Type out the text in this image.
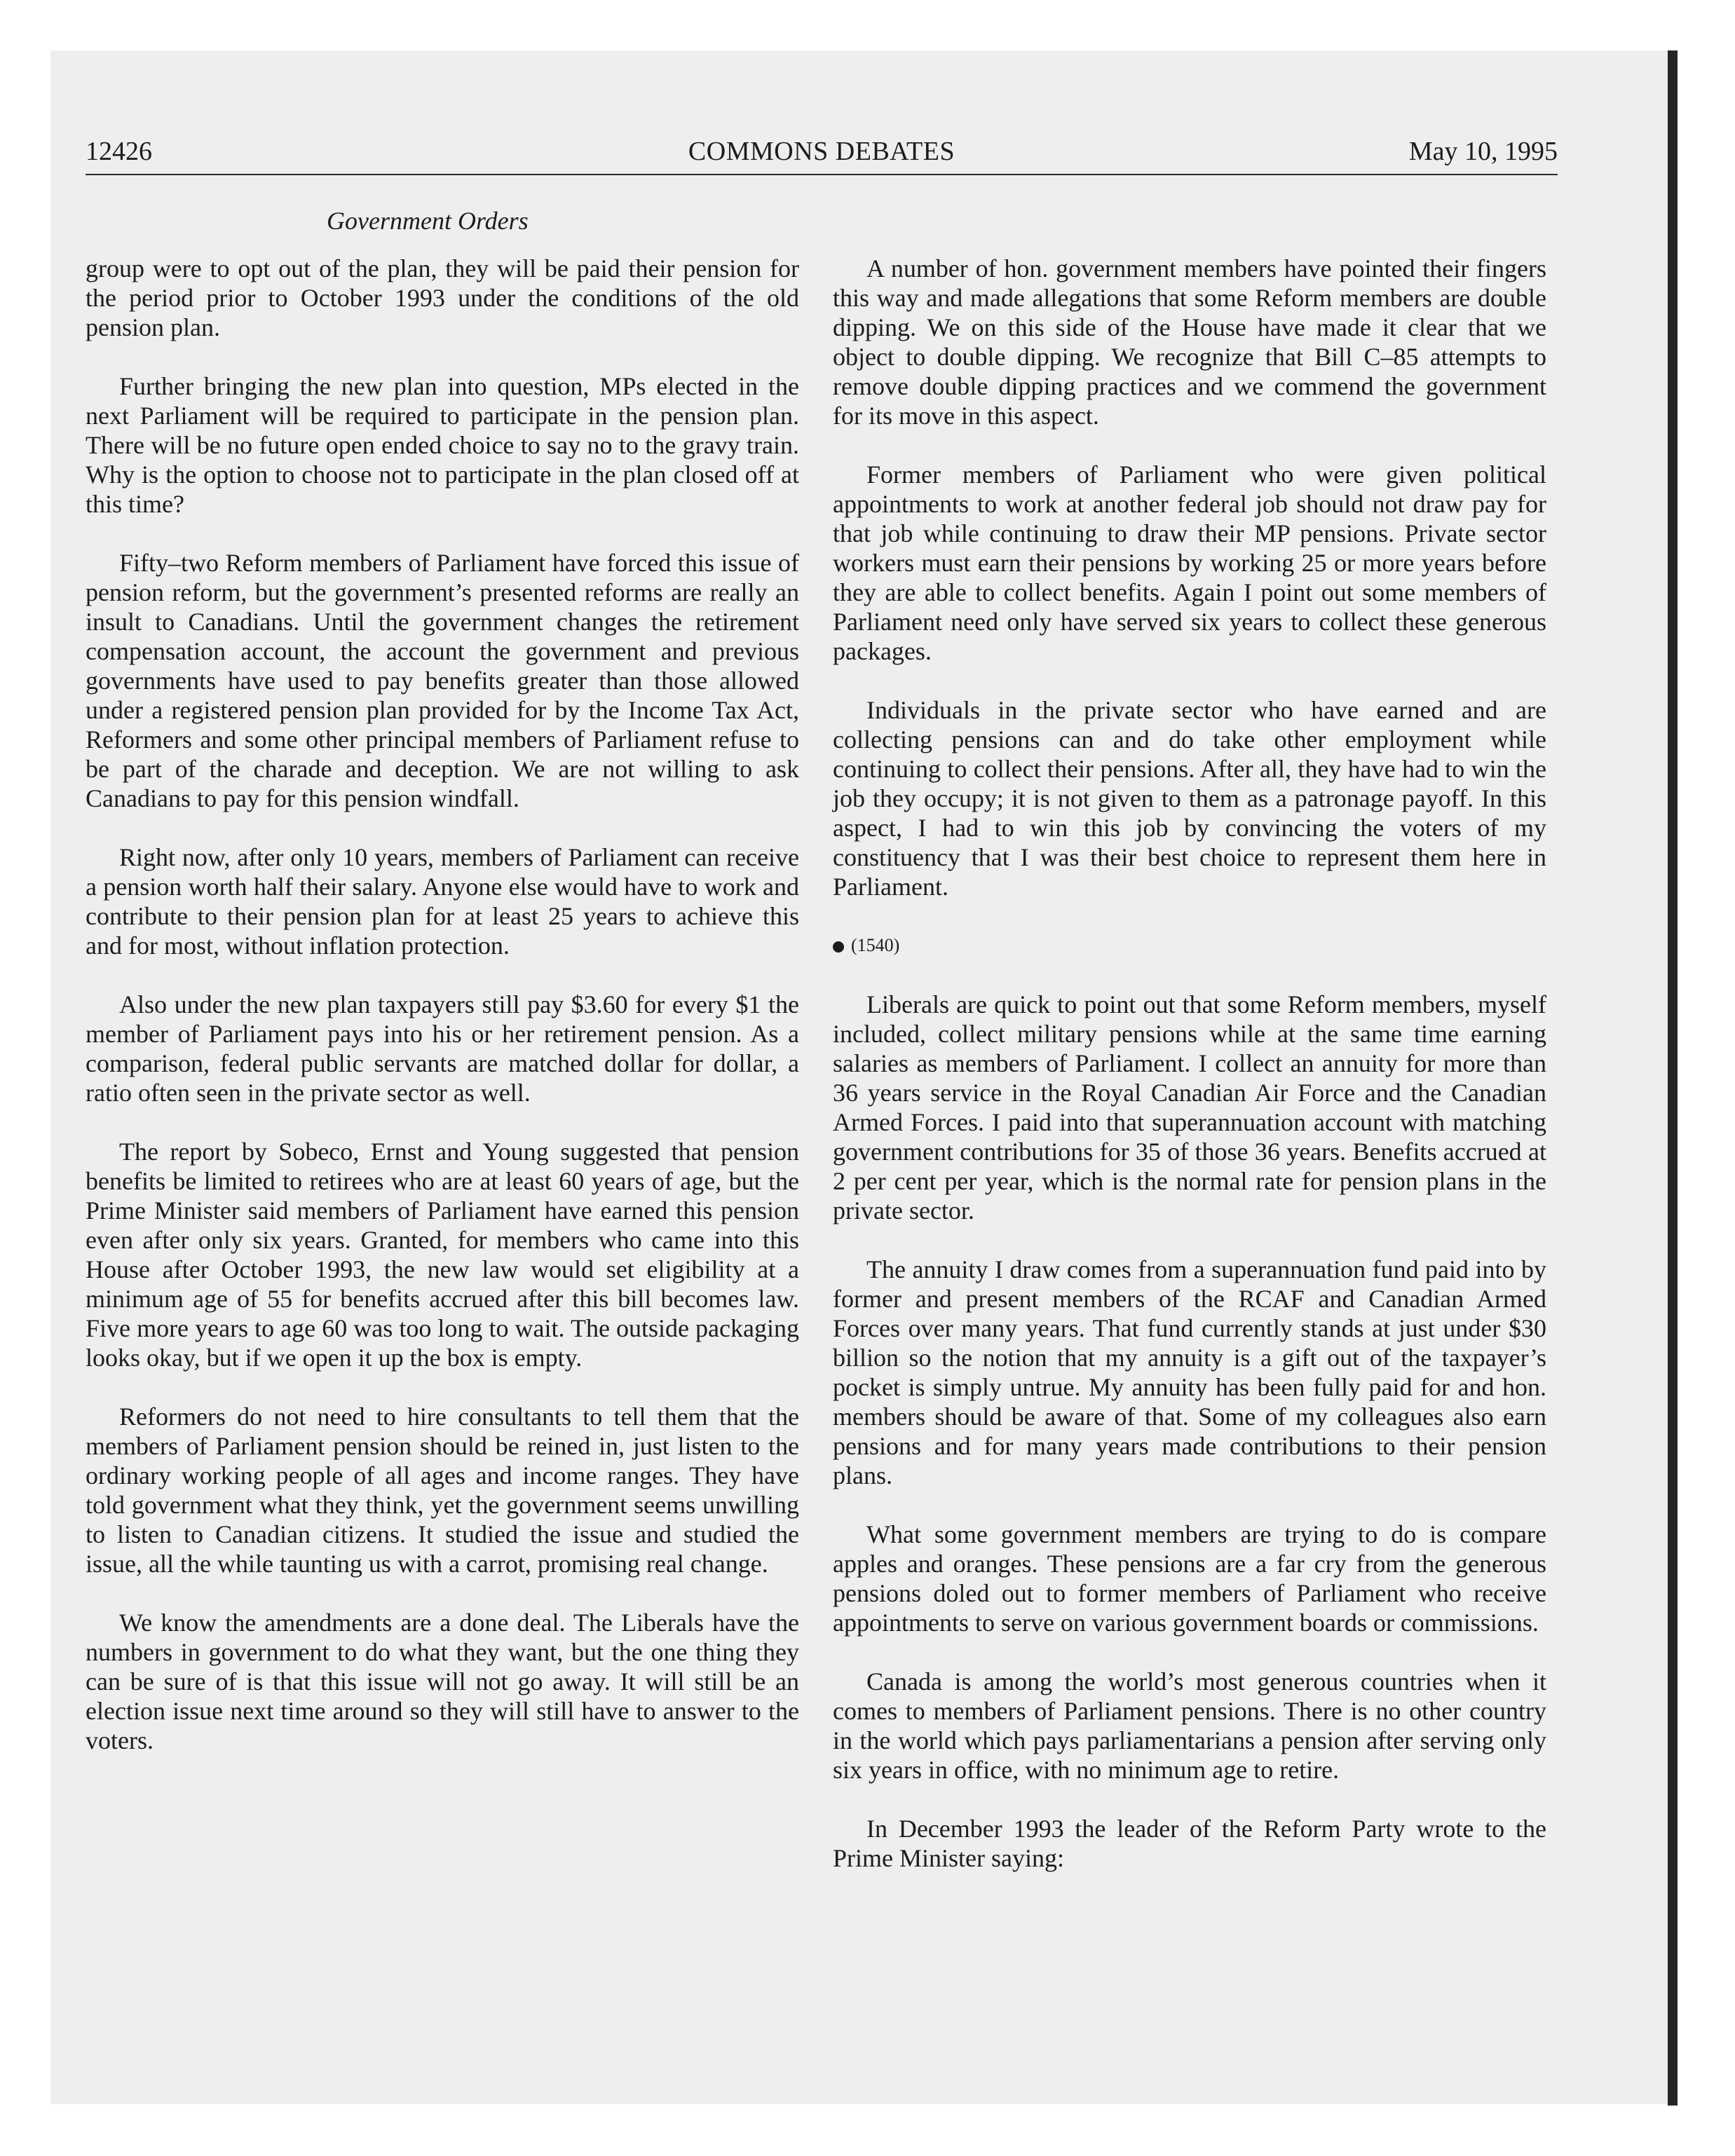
COMMONS DEBATES
12426	May 10, 1995
Government Orders

group were to opt out of the plan, they will be paid their pension for the period prior to October 1993 under the conditions of the old pension plan.

Further bringing the new plan into question, MPs elected in the next Parliament will be required to participate in the pension plan. There will be no future open ended choice to say no to the gravy train. Why is the option to choose not to participate in the plan closed off at this time?

Fifty–two Reform members of Parliament have forced this issue of pension reform, but the government’s presented reforms are really an insult to Canadians. Until the government changes the retirement compensation account, the account the government and previous governments have used to pay benefits greater than those allowed under a registered pension plan provided for by the Income Tax Act, Reformers and some other principal members of Parliament refuse to be part of the charade and deception. We are not willing to ask Canadians to pay for this pension windfall.

Right now, after only 10 years, members of Parliament can receive a pension worth half their salary. Anyone else would have to work and contribute to their pension plan for at least 25 years to achieve this and for most, without inflation protection.

Also under the new plan taxpayers still pay $3.60 for every $1 the member of Parliament pays into his or her retirement pension. As a comparison, federal public servants are matched dollar for dollar, a ratio often seen in the private sector as well.

The report by Sobeco, Ernst and Young suggested that pension benefits be limited to retirees who are at least 60 years of age, but the Prime Minister said members of Parliament have earned this pension even after only six years. Granted, for members who came into this House after October 1993, the new law would set eligibility at a minimum age of 55 for benefits accrued after this bill becomes law. Five more years to age 60 was too long to wait. The outside packaging looks okay, but if we open it up the box is empty.

Reformers do not need to hire consultants to tell them that the members of Parliament pension should be reined in, just listen to the ordinary working people of all ages and income ranges. They have told government what they think, yet the government seems unwilling to listen to Canadian citizens. It studied the issue and studied the issue, all the while taunting us with a carrot, promising real change.

We know the amendments are a done deal. The Liberals have the numbers in government to do what they want, but the one thing they can be sure of is that this issue will not go away. It will still be an election issue next time around so they will still have to answer to the voters.

A number of hon. government members have pointed their fingers this way and made allegations that some Reform members are double dipping. We on this side of the House have made it clear that we object to double dipping. We recognize that Bill C–85 attempts to remove double dipping practices and we commend the government for its move in this aspect.

Former members of Parliament who were given political appointments to work at another federal job should not draw pay for that job while continuing to draw their MP pensions. Private sector workers must earn their pensions by working 25 or more years before they are able to collect benefits. Again I point out some members of Parliament need only have served six years to collect these generous packages.

Individuals in the private sector who have earned and are collecting pensions can and do take other employment while continuing to collect their pensions. After all, they have had to win the job they occupy; it is not given to them as a patronage payoff. In this aspect, I had to win this job by convincing the voters of my constituency that I was their best choice to represent them here in Parliament.

(1540)

Liberals are quick to point out that some Reform members, myself included, collect military pensions while at the same time earning salaries as members of Parliament. I collect an annuity for more than 36 years service in the Royal Canadian Air Force and the Canadian Armed Forces. I paid into that superannuation account with matching government contributions for 35 of those 36 years. Benefits accrued at 2 per cent per year, which is the normal rate for pension plans in the private sector.

The annuity I draw comes from a superannuation fund paid into by former and present members of the RCAF and Canadian Armed Forces over many years. That fund currently stands at just under $30 billion so the notion that my annuity is a gift out of the taxpayer’s pocket is simply untrue. My annuity has been fully paid for and hon. members should be aware of that. Some of my colleagues also earn pensions and for many years made contributions to their pension plans.

What some government members are trying to do is compare apples and oranges. These pensions are a far cry from the generous pensions doled out to former members of Parliament who receive appointments to serve on various government boards or commissions.

Canada is among the world’s most generous countries when it comes to members of Parliament pensions. There is no other country in the world which pays parliamentarians a pension after serving only six years in office, with no minimum age to retire.

In December 1993 the leader of the Reform Party wrote to the Prime Minister saying:
